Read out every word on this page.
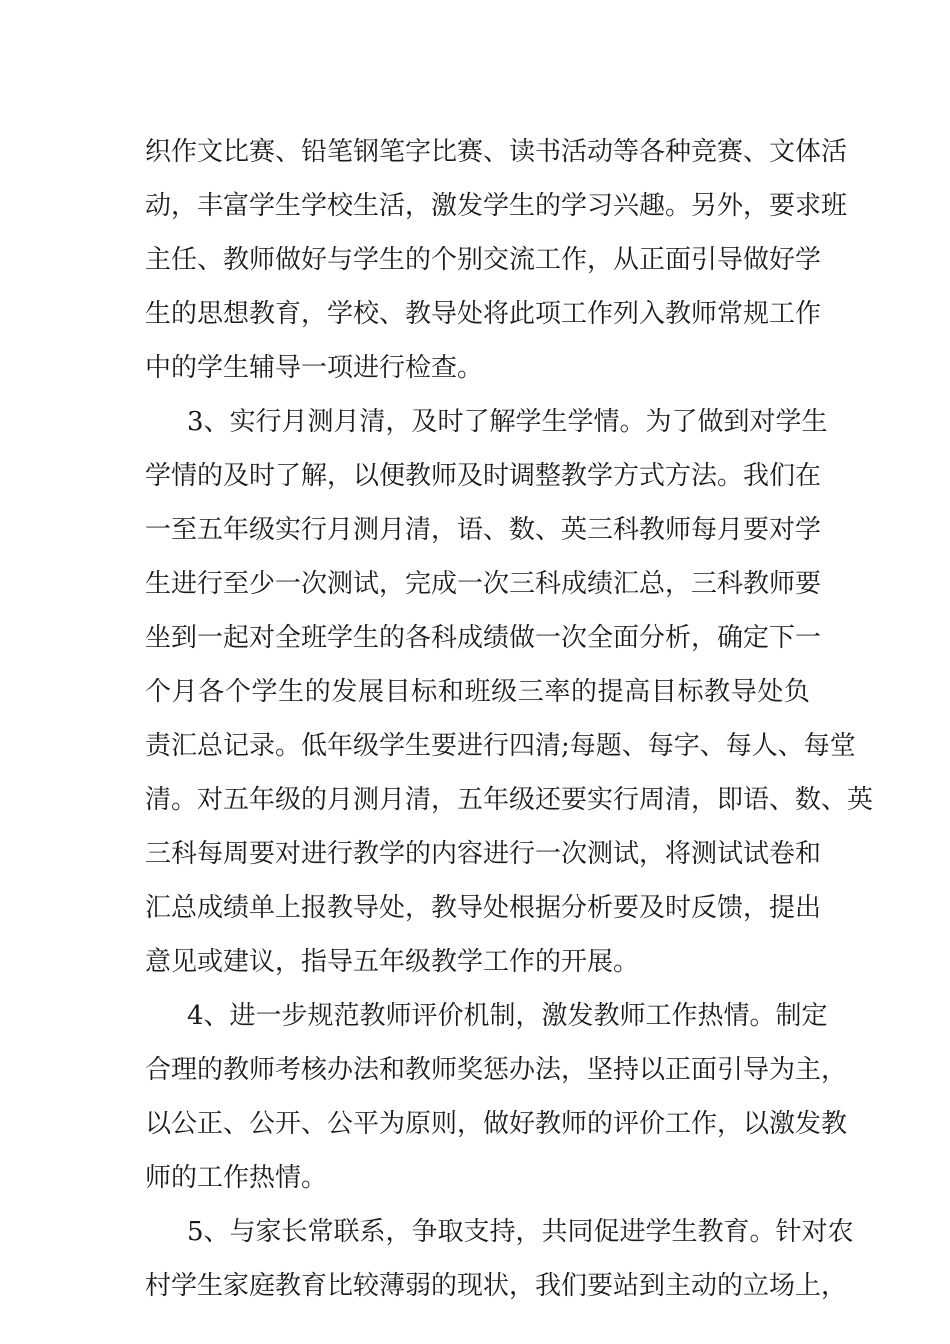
织作文比赛、铅笔钢笔字比赛、读书活动等各种竞赛、文体活
动，丰富学生学校生活，激发学生的学习兴趣。另外，要求班
主任、教师做好与学生的个别交流工作，从正面引导做好学
生的思想教育，学校、教导处将此项工作列入教师常规工作
中的学生辅导一项进行检查。
3、实行月测月清，及时了解学生学情。为了做到对学生
学情的及时了解，以便教师及时调整教学方式方法。我们在
一至五年级实行月测月清，语、数、英三科教师每月要对学
生进行至少一次测试，完成一次三科成绩汇总，三科教师要
坐到一起对全班学生的各科成绩做一次全面分析，确定下一
个月各个学生的发展目标和班级三率的提高目标教导处负
责汇总记录。低年级学生要进行四清;每题、每字、每人、每堂
清。对五年级的月测月清，五年级还要实行周清，即语、数、英
三科每周要对进行教学的内容进行一次测试，将测试试卷和
汇总成绩单上报教导处，教导处根据分析要及时反馈，提出
意见或建议，指导五年级教学工作的开展。
4、进一步规范教师评价机制，激发教师工作热情。制定
合理的教师考核办法和教师奖惩办法，坚持以正面引导为主，
以公正、公开、公平为原则，做好教师的评价工作，以激发教
师的工作热情。
5、与家长常联系，争取支持，共同促进学生教育。针对农
村学生家庭教育比较薄弱的现状，我们要站到主动的立场上，
